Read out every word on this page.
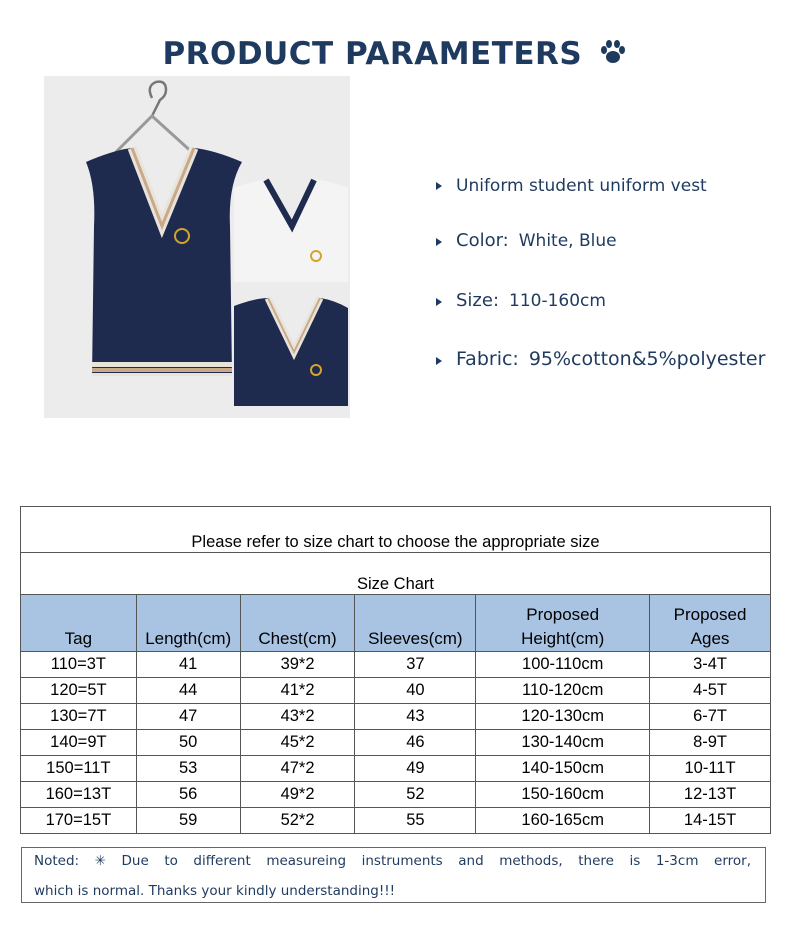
PRODUCT PARAMETERS
Uniform student uniform vest
Color: White, Blue
Size: 110-160cm
Fabric: 95%cotton&5%polyester
Please refer to size chart to choose the appropriate size					
Size Chart					
Tag	Length(cm)	Chest(cm)	Sleeves(cm)	Proposed Height(cm)	Proposed Ages
110=3T	41	39*2	37	100-110cm	3-4T
120=5T	44	41*2	40	110-120cm	4-5T
130=7T	47	43*2	43	120-130cm	6-7T
140=9T	50	45*2	46	130-140cm	8-9T
150=11T	53	47*2	49	140-150cm	10-11T
160=13T	56	49*2	52	150-160cm	12-13T
170=15T	59	52*2	55	160-165cm	14-15T
Noted: ✳ Due to different measureing instruments and methods, there is 1-3cm error,
which is normal. Thanks your kindly understanding!!!
